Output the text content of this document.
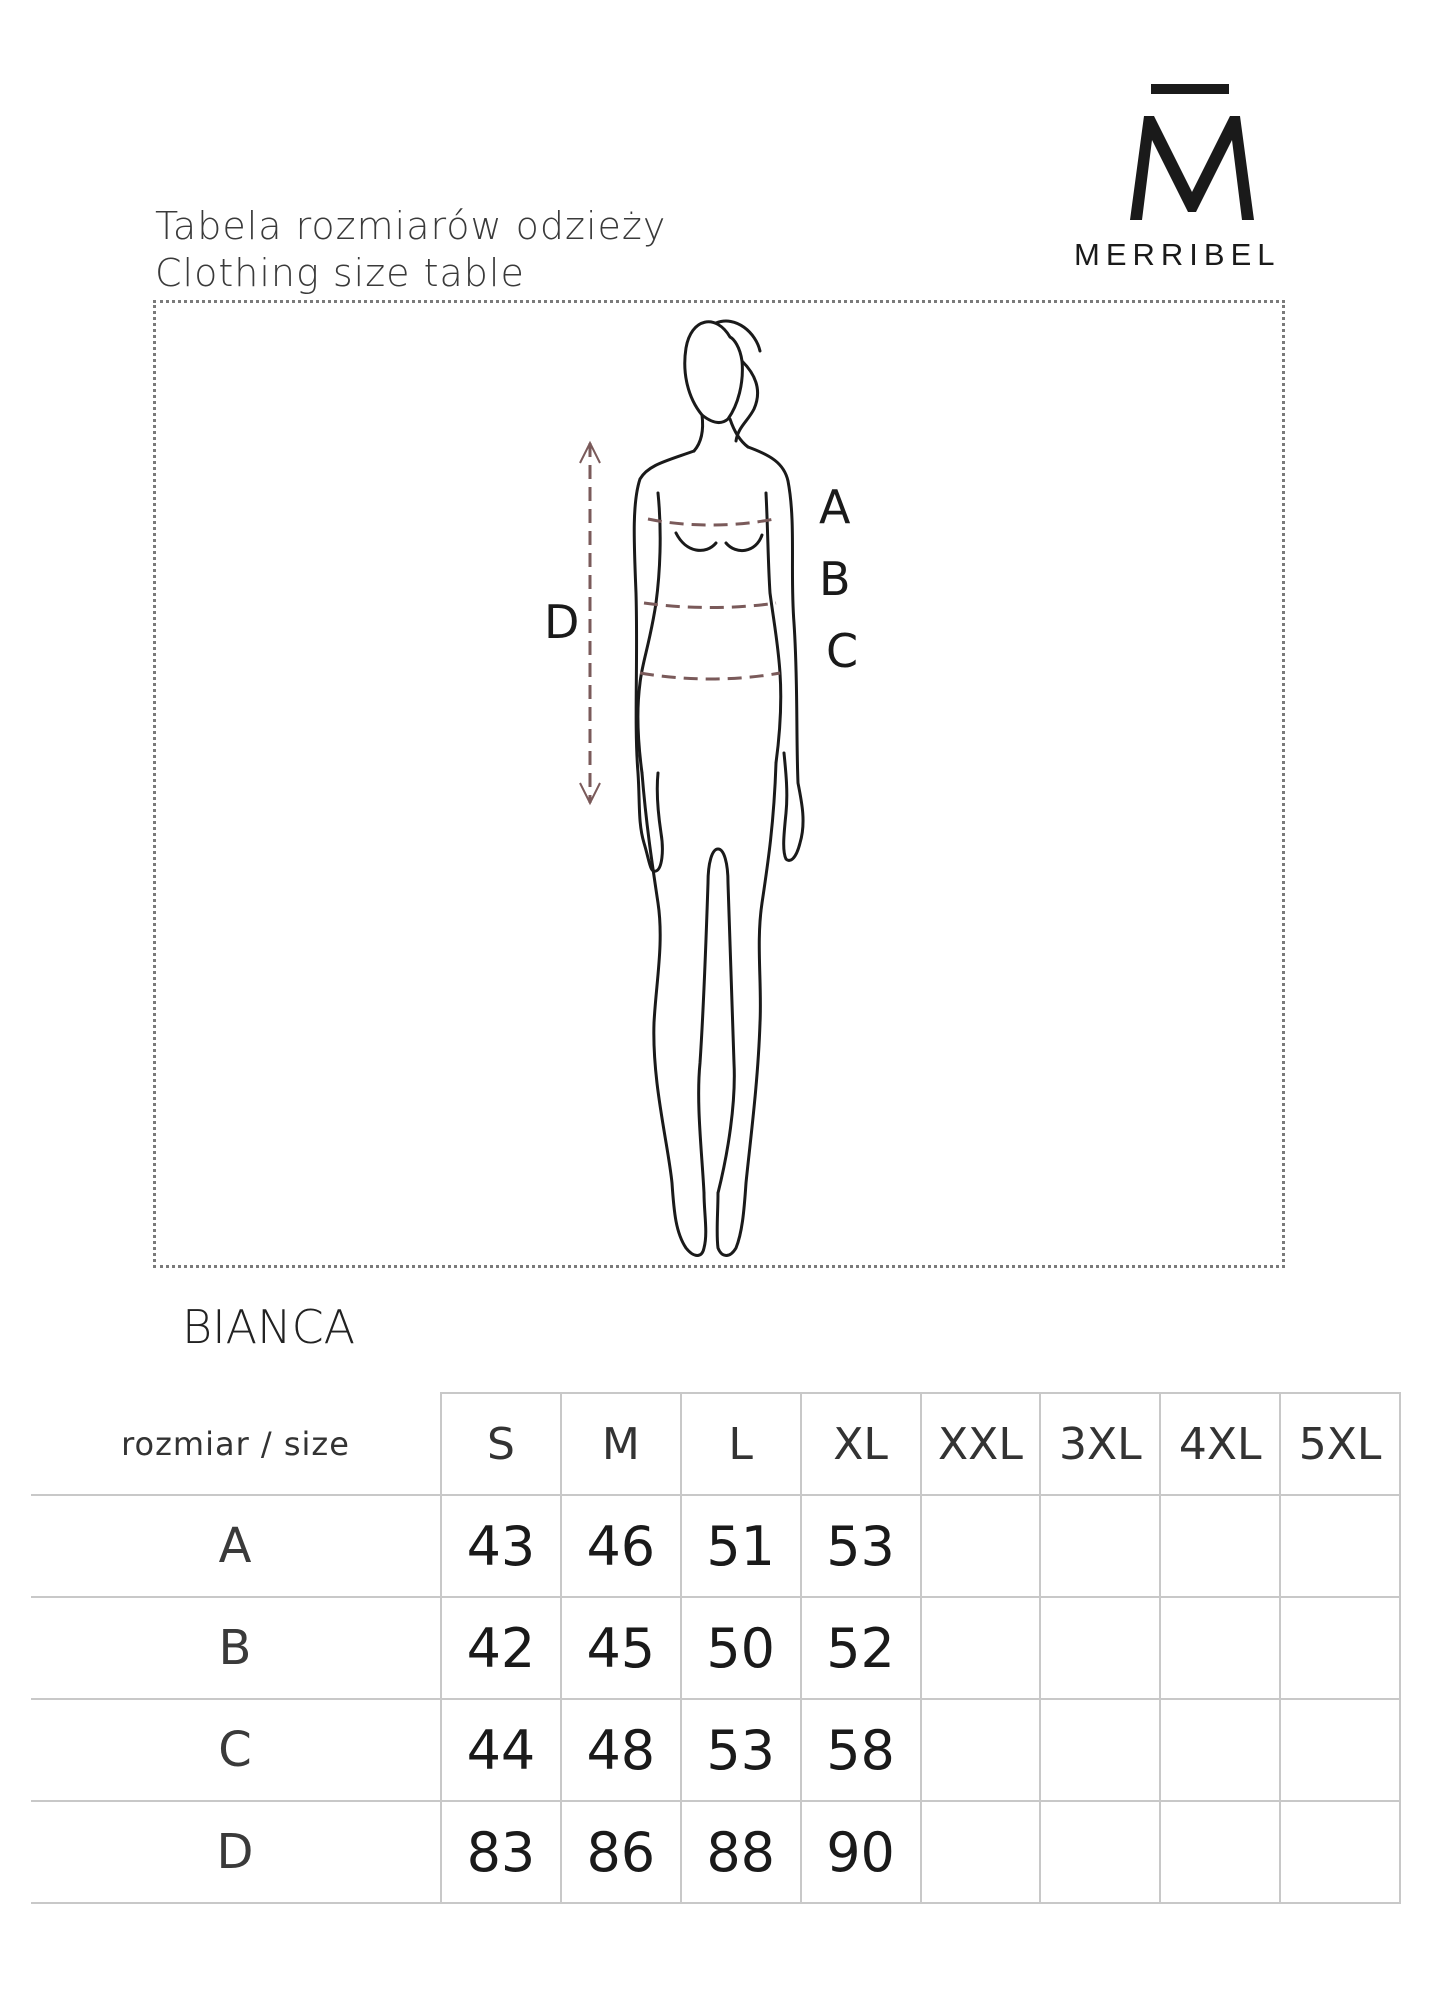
Tabela rozmiarów odzieży
Clothing size table	MERRIBEL
A
B
C
D
BIANCA
rozmiar / size	S	M	L	XL	XXL	3XL	4XL	5XL
A	43	46	51	53				
B	42	45	50	52				
C	44	48	53	58				
D	83	86	88	90				
